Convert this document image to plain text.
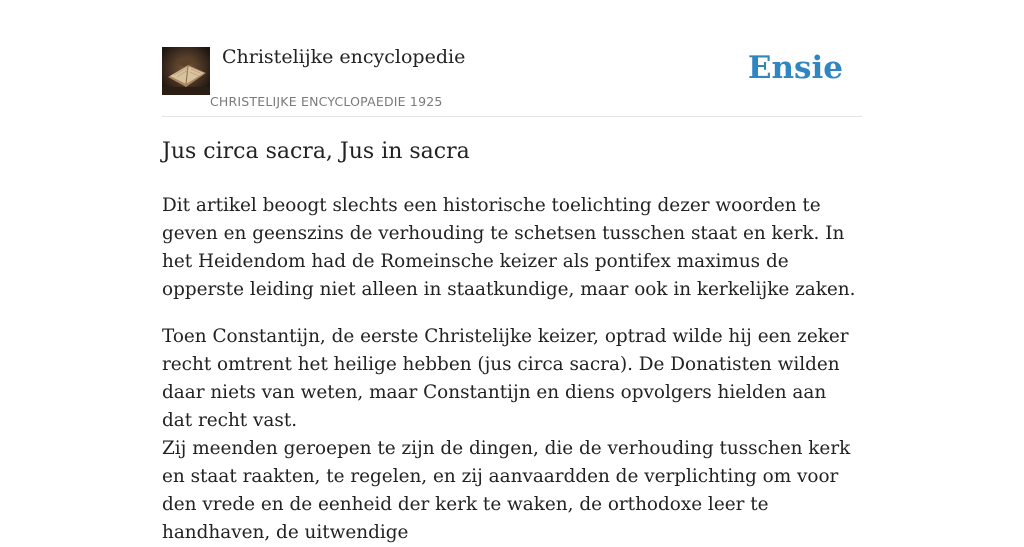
Christelijke encyclopedie
CHRISTELIJKE ENCYCLOPAEDIE 1925
Ensie
Jus circa sacra, Jus in sacra

Dit artikel beoogt slechts een historische toelichting dezer woorden te geven en geenszins de verhouding te schetsen tusschen staat en kerk. In het Heidendom had de Romeinsche keizer als pontifex maximus de opperste leiding niet alleen in staatkundige, maar ook in kerkelijke zaken.

Toen Constantijn, de eerste Christelijke keizer, optrad wilde hij een zeker recht omtrent het heilige hebben (jus circa sacra). De Donatisten wilden daar niets van weten, maar Constantijn en diens opvolgers hielden aan dat recht vast.

Zij meenden geroepen te zijn de dingen, die de verhouding tusschen kerk en staat raakten, te regelen, en zij aanvaardden de verplichting om voor den vrede en de eenheid der kerk te waken, de orthodoxe leer te handhaven, de uitwendige
